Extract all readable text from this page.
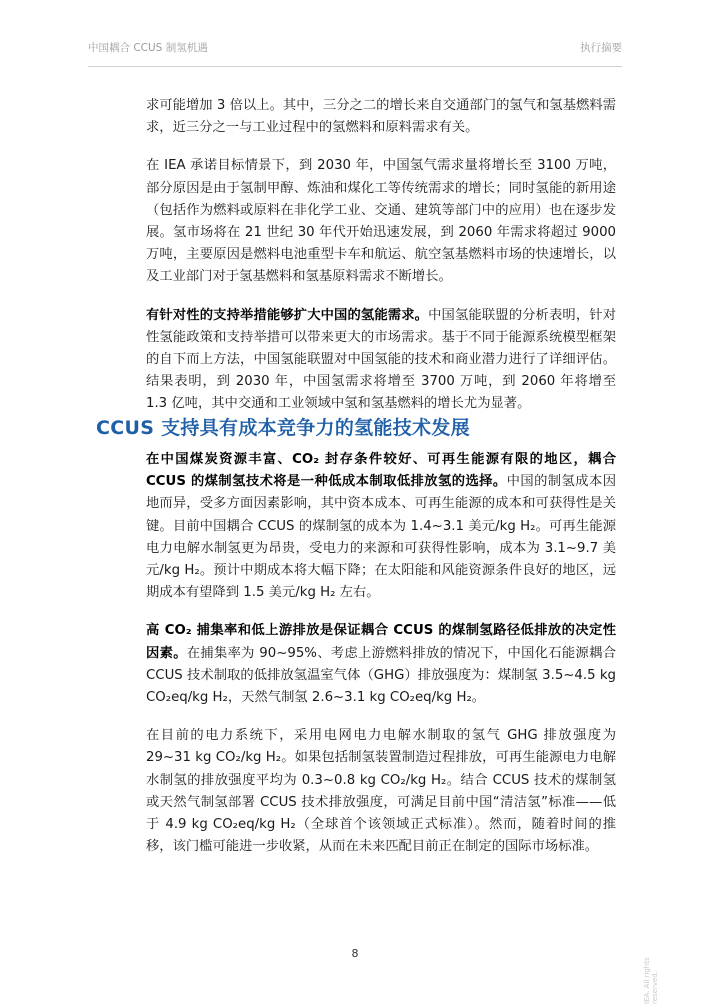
中国耦合 CCUS 制氢机遇	执行摘要

求可能增加 3 倍以上。其中，三分之二的增长来自交通部门的氢气和氢基燃料需求，近三分之一与工业过程中的氢燃料和原料需求有关。

在 IEA 承诺目标情景下，到 2030 年，中国氢气需求量将增长至 3100 万吨，部分原因是由于氢制甲醇、炼油和煤化工等传统需求的增长；同时氢能的新用途（包括作为燃料或原料在非化学工业、交通、建筑等部门中的应用）也在逐步发展。氢市场将在 21 世纪 30 年代开始迅速发展，到 2060 年需求将超过 9000 万吨，主要原因是燃料电池重型卡车和航运、航空氢基燃料市场的快速增长，以及工业部门对于氢基燃料和氢基原料需求不断增长。

有针对性的支持举措能够扩大中国的氢能需求。中国氢能联盟的分析表明，针对性氢能政策和支持举措可以带来更大的市场需求。基于不同于能源系统模型框架的自下而上方法，中国氢能联盟对中国氢能的技术和商业潜力进行了详细评估。结果表明，到 2030 年，中国氢需求将增至 3700 万吨，到 2060 年将增至 1.3 亿吨，其中交通和工业领域中氢和氢基燃料的增长尤为显著。

CCUS 支持具有成本竞争力的氢能技术发展

在中国煤炭资源丰富、CO₂ 封存条件较好、可再生能源有限的地区，耦合 CCUS 的煤制氢技术将是一种低成本制取低排放氢的选择。中国的制氢成本因地而异，受多方面因素影响，其中资本成本、可再生能源的成本和可获得性是关键。目前中国耦合 CCUS 的煤制氢的成本为 1.4~3.1 美元/kg H₂。可再生能源电力电解水制氢更为昂贵，受电力的来源和可获得性影响，成本为 3.1~9.7 美元/kg H₂。预计中期成本将大幅下降；在太阳能和风能资源条件良好的地区，远期成本有望降到 1.5 美元/kg H₂ 左右。

高 CO₂ 捕集率和低上游排放是保证耦合 CCUS 的煤制氢路径低排放的决定性因素。在捕集率为 90~95%、考虑上游燃料排放的情况下，中国化石能源耦合 CCUS 技术制取的低排放氢温室气体（GHG）排放强度为：煤制氢 3.5~4.5 kg CO₂eq/kg H₂，天然气制氢 2.6~3.1 kg CO₂eq/kg H₂。

在目前的电力系统下，采用电网电力电解水制取的氢气 GHG 排放强度为 29~31 kg CO₂/kg H₂。如果包括制氢装置制造过程排放，可再生能源电力电解水制氢的排放强度平均为 0.3~0.8 kg CO₂/kg H₂。结合 CCUS 技术的煤制氢或天然气制氢部署 CCUS 技术排放强度，可满足目前中国“清洁氢”标准——低于 4.9 kg CO₂eq/kg H₂（全球首个该领域正式标准）。然而，随着时间的推移，该门槛可能进一步收紧，从而在未来匹配目前正在制定的国际市场标准。

8
IEA. All rights reserved.
